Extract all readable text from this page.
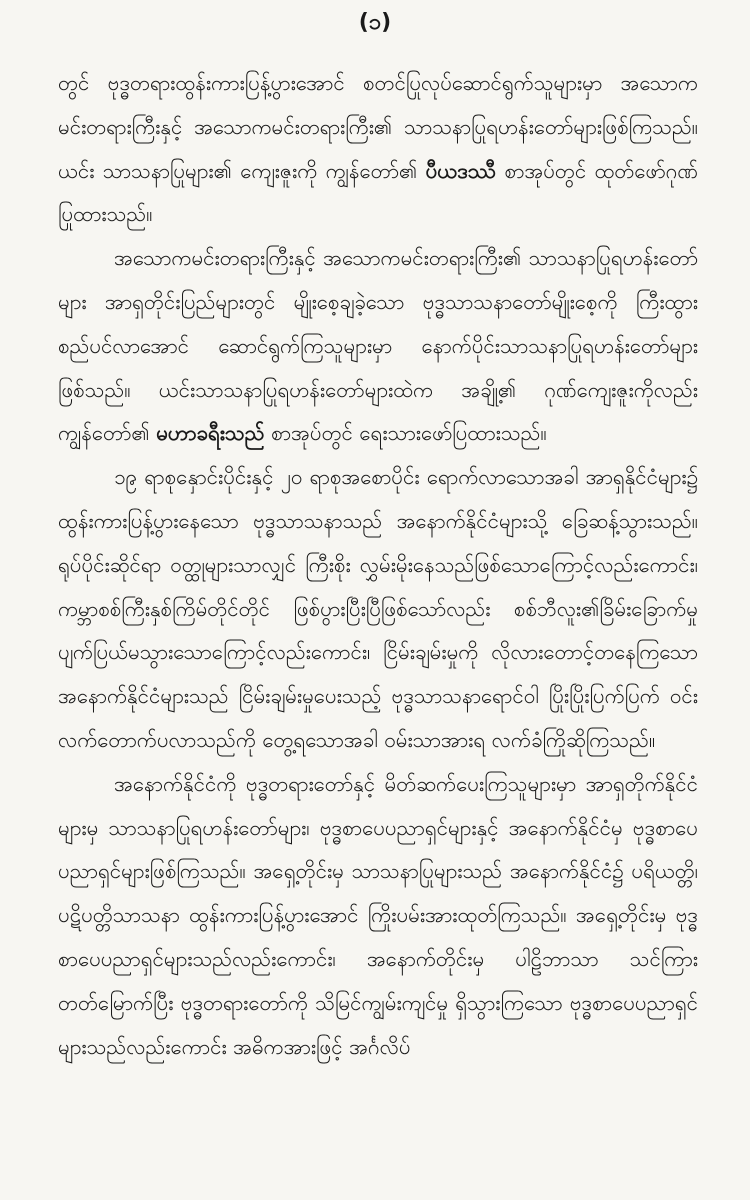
(၁)

တွင် ဗုဒ္ဓတရားထွန်းကားပြန့်ပွားအောင် စတင်ပြုလုပ်ဆောင်ရွက်သူများမှာ အသောကမင်းတရားကြီးနှင့် အသောကမင်းတရားကြီး၏ သာသနာပြုရဟန်းတော်များဖြစ်ကြသည်။ ယင်း သာသနာပြုများ၏ ကျေးဇူးကို ကျွန်တော်၏ ပီယဒဿီ စာအုပ်တွင် ထုတ်ဖော်ဂုဏ်ပြုထားသည်။

အသောကမင်းတရားကြီးနှင့် အသောကမင်းတရားကြီး၏ သာသနာပြုရဟန်းတော်များ အာရှတိုင်းပြည်များတွင် မျိုးစေ့ချခဲ့သော ဗုဒ္ဓသာသနာတော်မျိုးစေ့ကို ကြီးထွားစည်ပင်လာအောင် ဆောင်ရွက်ကြသူများမှာ နောက်ပိုင်းသာသနာပြုရဟန်းတော်များဖြစ်သည်။ ယင်းသာသနာပြုရဟန်းတော်များထဲက အချို့၏ ဂုဏ်ကျေးဇူးကိုလည်း ကျွန်တော်၏ မဟာခရီးသည် စာအုပ်တွင် ရေးသားဖော်ပြထားသည်။

၁၉ ရာစုနှောင်းပိုင်းနှင့် ၂၀ ရာစုအစောပိုင်း ရောက်လာသောအခါ အာရှနိုင်ငံများ၌ ထွန်းကားပြန့်ပွားနေသော ဗုဒ္ဓသာသနာသည် အနောက်နိုင်ငံများသို့ ခြေဆန့်သွားသည်။ ရုပ်ပိုင်းဆိုင်ရာ ဝတ္ထုများသာလျှင် ကြီးစိုး လွှမ်းမိုးနေသည်ဖြစ်သောကြောင့်လည်းကောင်း၊ ကမ္ဘာစစ်ကြီးနှစ်ကြိမ်တိုင်တိုင် ဖြစ်ပွားပြီးပြီဖြစ်သော်လည်း စစ်ဘီလူး၏ခြိမ်းခြောက်မှု ပျက်ပြယ်မသွားသောကြောင့်လည်းကောင်း၊ ငြိမ်းချမ်းမှုကို လိုလားတောင့်တနေကြသော အနောက်နိုင်ငံများသည် ငြိမ်းချမ်းမှုပေးသည့် ဗုဒ္ဓသာသနာရောင်ဝါ ပြိုးပြိုးပြက်ပြက် ဝင်းလက်တောက်ပလာသည်ကို တွေ့ရသောအခါ ဝမ်းသာအားရ လက်ခံကြိုဆိုကြသည်။

အနောက်နိုင်ငံကို ဗုဒ္ဓတရားတော်နှင့် မိတ်ဆက်ပေးကြသူများမှာ အာရှတိုက်နိုင်ငံများမှ သာသနာပြုရဟန်းတော်များ၊ ဗုဒ္ဓစာပေပညာရှင်များနှင့် အနောက်နိုင်ငံမှ ဗုဒ္ဓစာပေပညာရှင်များဖြစ်ကြသည်။ အရှေ့တိုင်းမှ သာသနာပြုများသည် အနောက်နိုင်ငံ၌ ပရိယတ္တိ၊ ပဋိပတ္တိသာသနာ ထွန်းကားပြန့်ပွားအောင် ကြိုးပမ်းအားထုတ်ကြသည်။ အရှေ့တိုင်းမှ ဗုဒ္ဓစာပေပညာရှင်များသည်လည်းကောင်း၊ အနောက်တိုင်းမှ ပါဠိဘာသာ သင်ကြားတတ်မြောက်ပြီး ဗုဒ္ဓတရားတော်ကို သိမြင်ကျွမ်းကျင်မှု ရှိသွားကြသော ဗုဒ္ဓစာပေပညာရှင်များသည်လည်းကောင်း အဓိကအားဖြင့် အင်္ဂလိပ်
